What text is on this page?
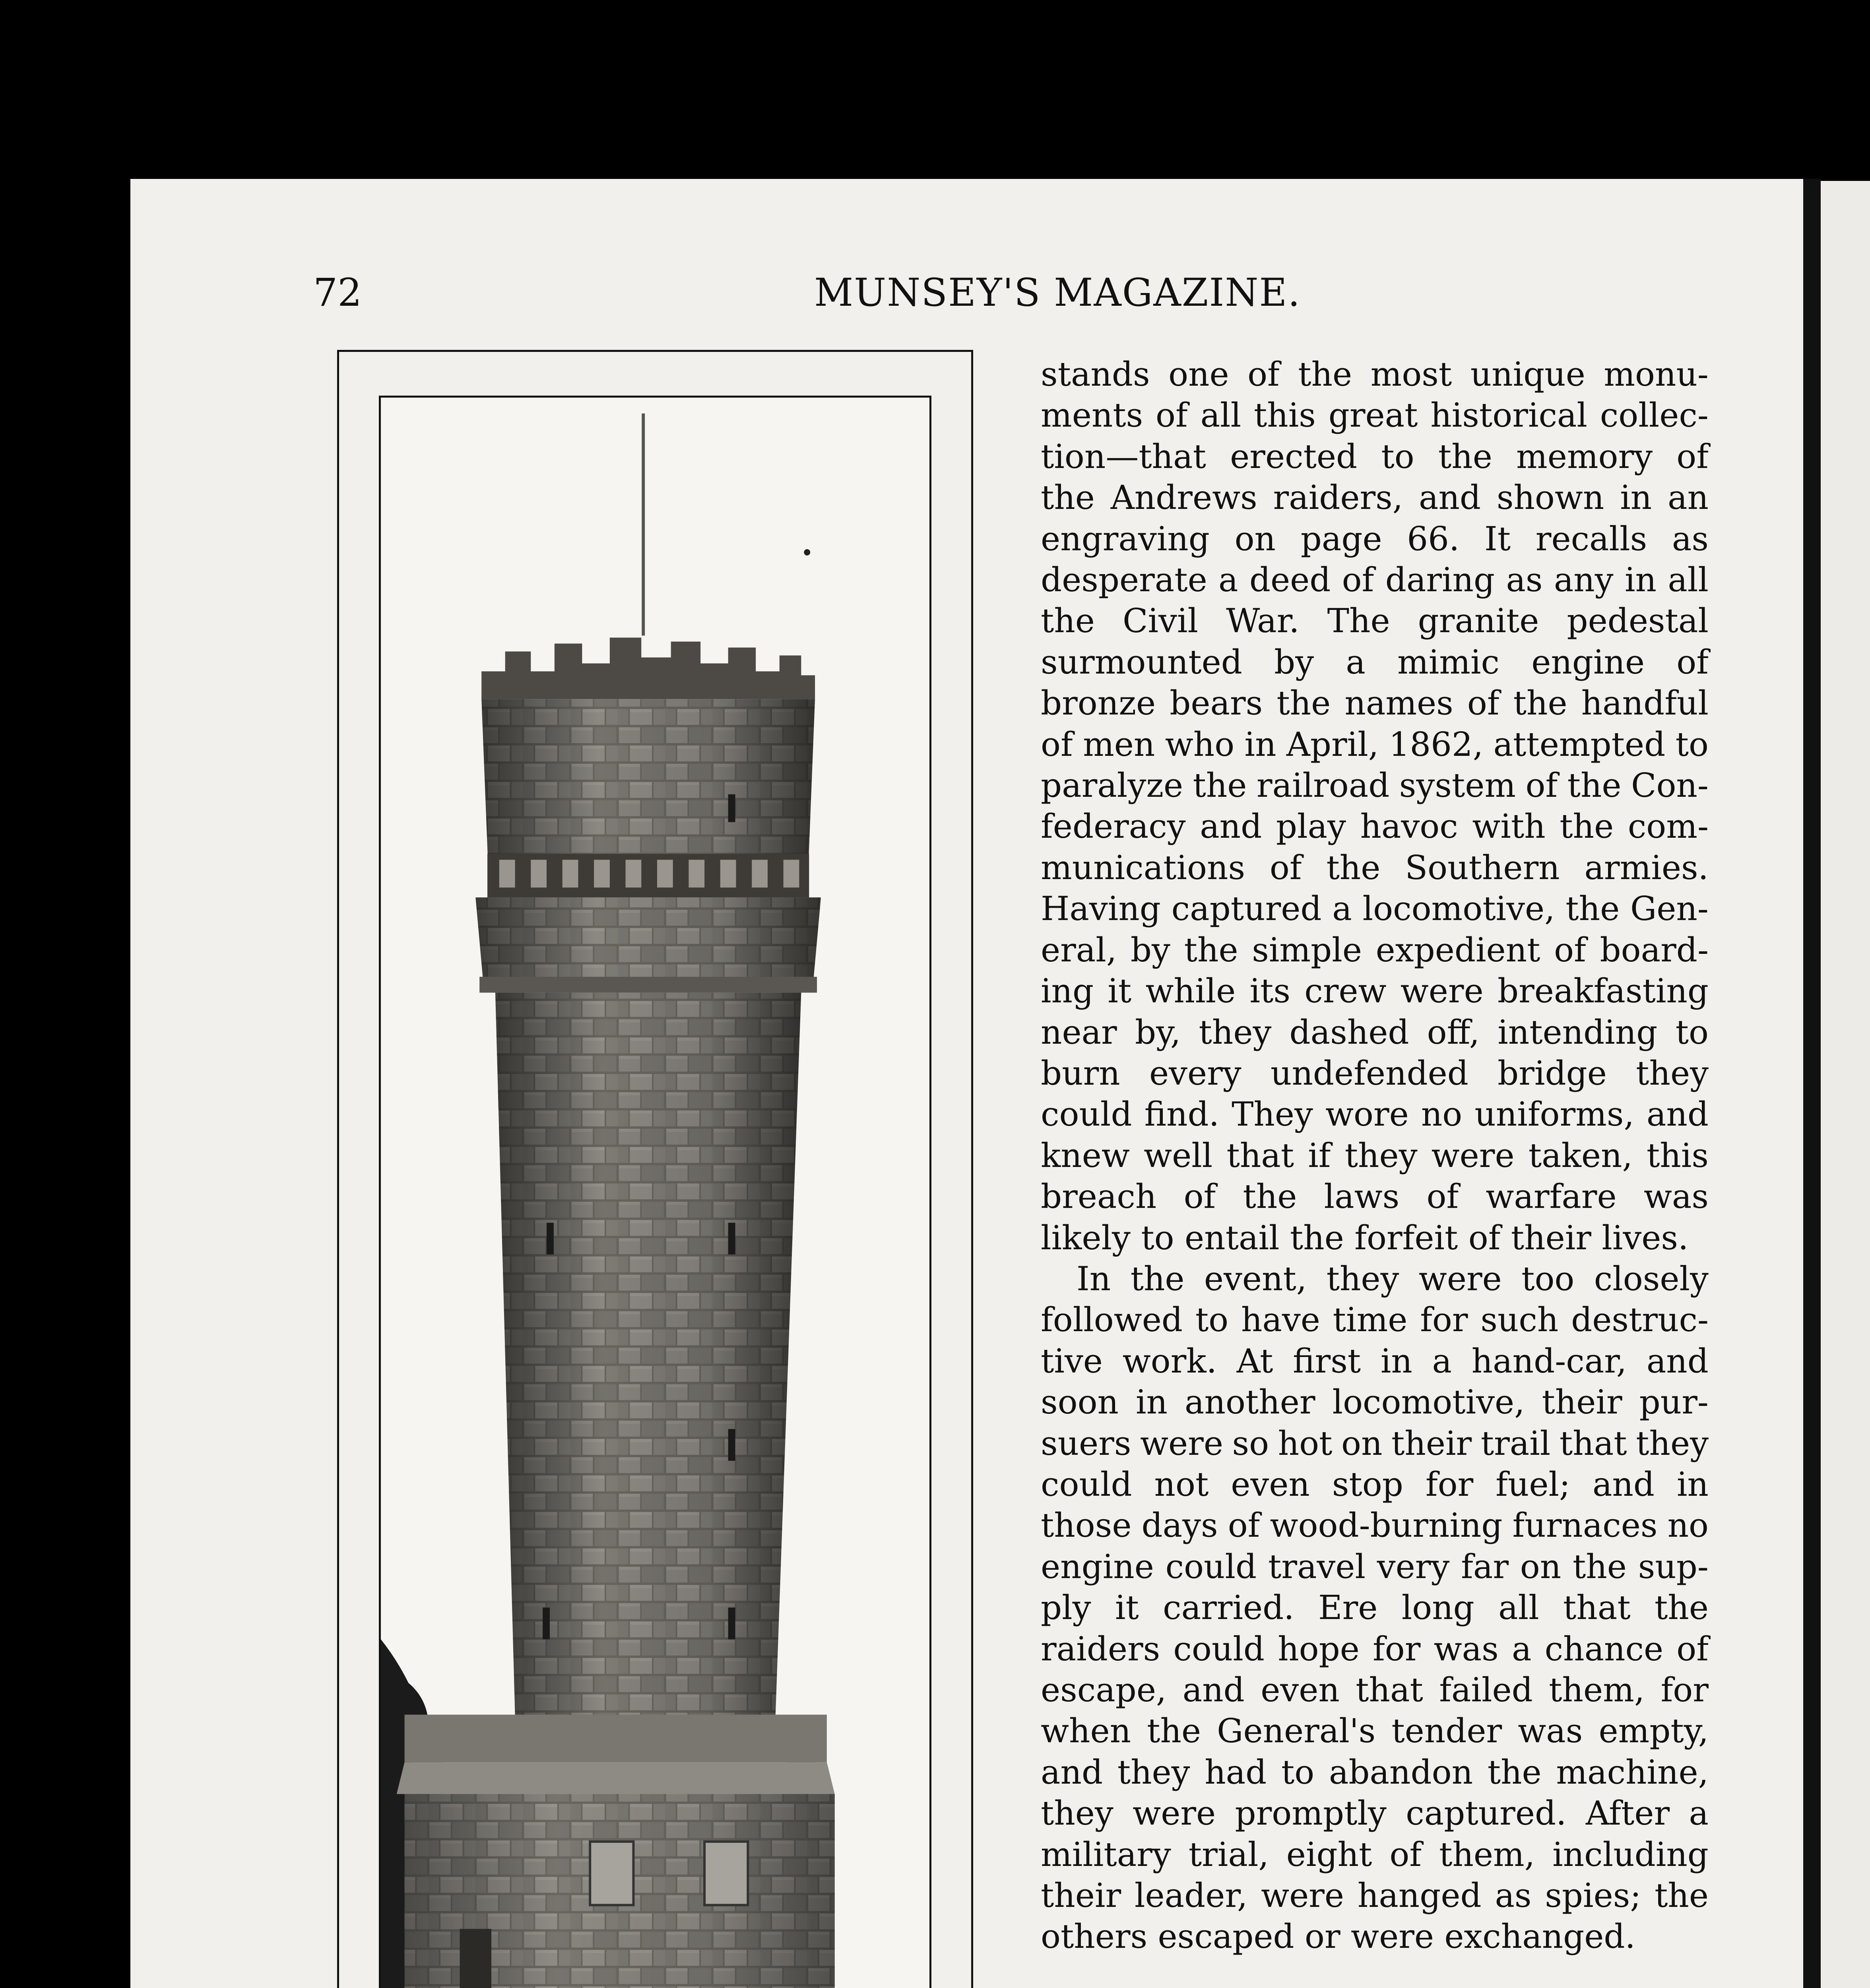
72	MUNSEY'S MAGAZINE.
stands one of the most unique monu-
ments of all this great historical collec-
tion—that erected to the memory of
the Andrews raiders, and shown in an
engraving on page 66. It recalls as
desperate a deed of daring as any in all
the Civil War. The granite pedestal
surmounted by a mimic engine of
bronze bears the names of the handful
of men who in April, 1862, attempted to
paralyze the railroad system of the Con-
federacy and play havoc with the com-
munications of the Southern armies.
Having captured a locomotive, the Gen-
eral, by the simple expedient of board-
ing it while its crew were breakfasting
near by, they dashed off, intending to
burn every undefended bridge they
could find. They wore no uniforms, and
knew well that if they were taken, this
breach of the laws of warfare was
likely to entail the forfeit of their lives.
In the event, they were too closely
followed to have time for such destruc-
tive work. At first in a hand-car, and
soon in another locomotive, their pur-
suers were so hot on their trail that they
could not even stop for fuel; and in
those days of wood-burning furnaces no
engine could travel very far on the sup-
ply it carried. Ere long all that the
raiders could hope for was a chance of
escape, and even that failed them, for
when the General's tender was empty,
and they had to abandon the machine,
they were promptly captured. After a
military trial, eight of them, including
their leader, were hanged as spies; the
others escaped or were exchanged.
